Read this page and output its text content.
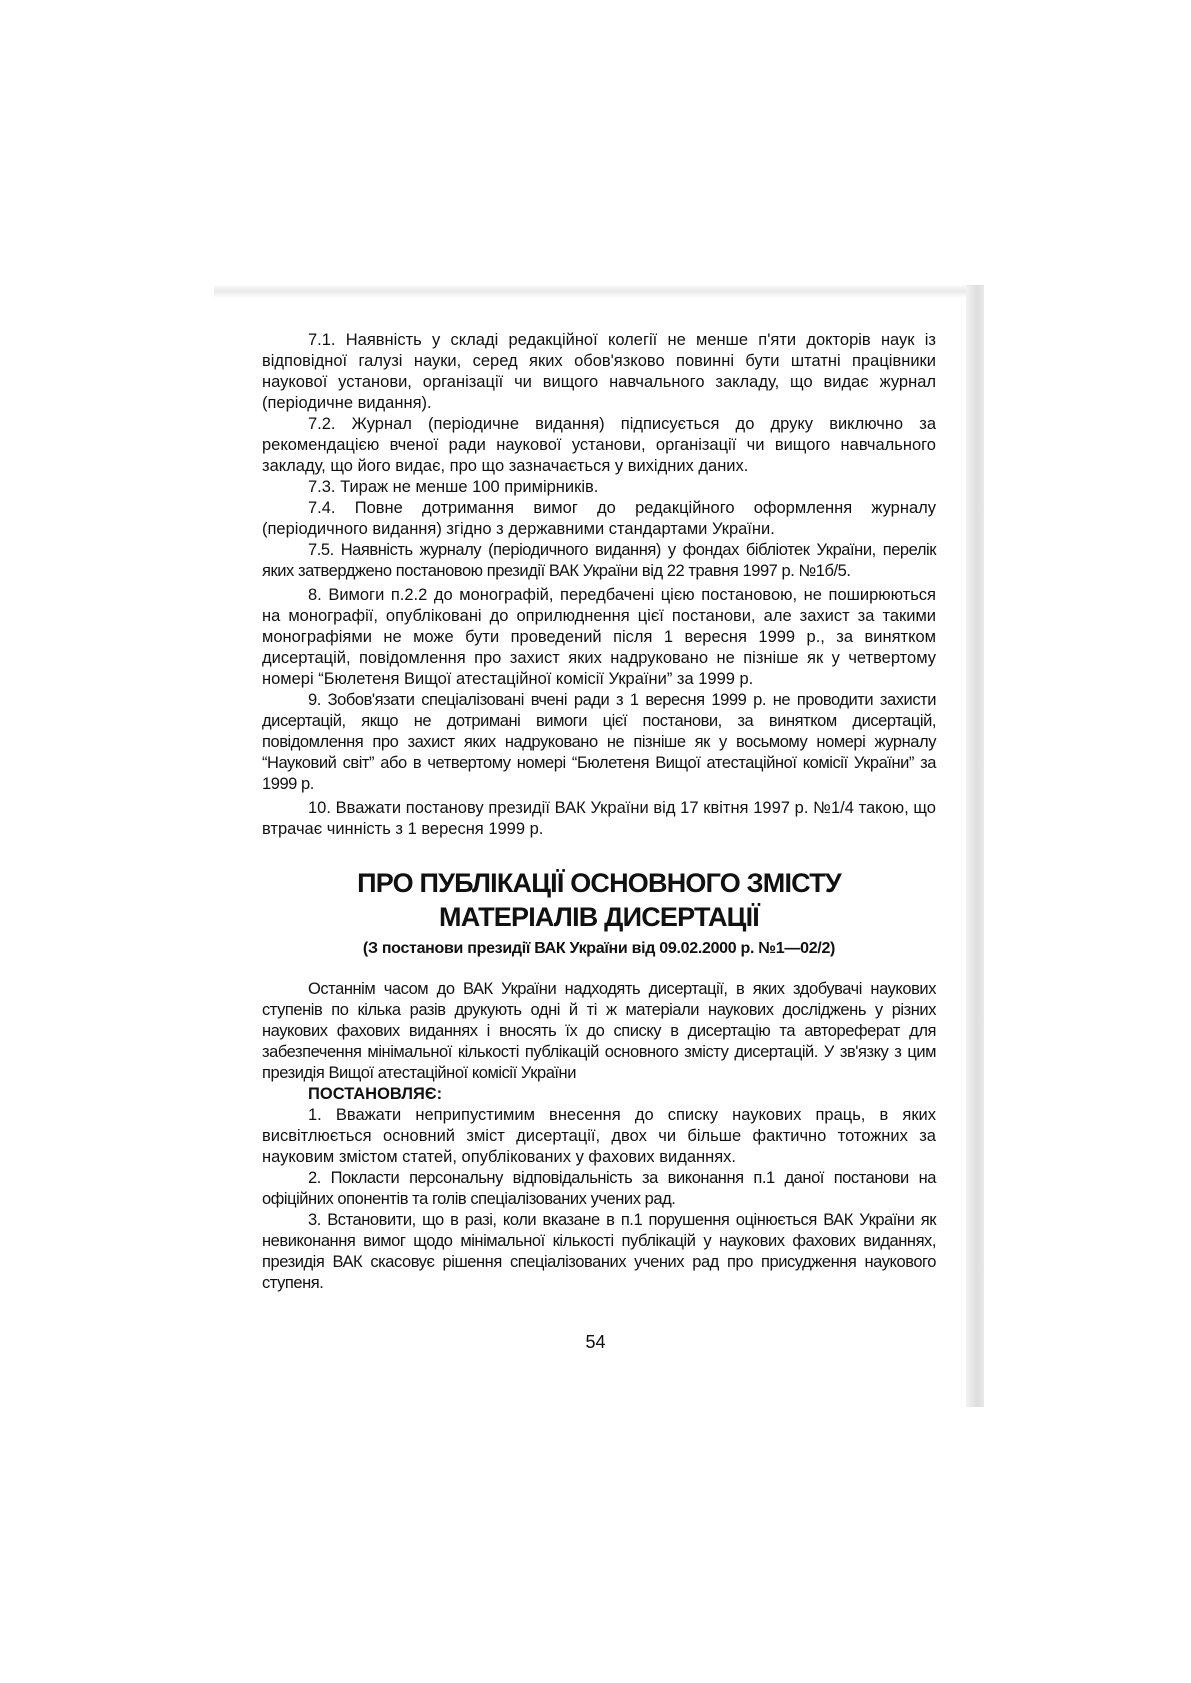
7.1. Наявність у складі редакційної колегії не менше п'яти докторів наук із відповідної галузі науки, серед яких обов'язково повинні бути штатні працівники наукової установи, організації чи вищого навчального закладу, що видає журнал (періодичне видання).

7.2. Журнал (періодичне видання) підписується до друку виключно за рекомендацією вченої ради наукової установи, організації чи вищого навчального закладу, що його видає, про що зазначається у вихідних даних.

7.3. Тираж не менше 100 примірників.

7.4. Повне дотримання вимог до редакційного оформлення журналу (періодичного видання) згідно з державними стандартами України.

7.5. Наявність журналу (періодичного видання) у фондах бібліотек України, перелік яких затверджено постановою президії ВАК України від 22 травня 1997 р. №1б/5.

8. Вимоги п.2.2 до монографій, передбачені цією постановою, не поширюються на монографії, опубліковані до оприлюднення цієї постанови, але захист за такими монографіями не може бути проведений після 1 вересня 1999 р., за винятком дисертацій, повідомлення про захист яких надруковано не пізніше як у четвертому номері “Бюлетеня Вищої атестаційної комісії України” за 1999 р.

9. Зобов'язати спеціалізовані вчені ради з 1 вересня 1999 р. не проводити захисти дисертацій, якщо не дотримані вимоги цієї постанови, за винятком дисертацій, повідомлення про захист яких надруковано не пізніше як у восьмому номері журналу “Науковий світ” або в четвертому номері “Бюлетеня Вищої атестаційної комісії України” за 1999 р.

10. Вважати постанову президії ВАК України від 17 квітня 1997 р. №1/4 такою, що втрачає чинність з 1 вересня 1999 р.

ПРО ПУБЛІКАЦІЇ ОСНОВНОГО ЗМІСТУ
МАТЕРІАЛІВ ДИСЕРТАЦІЇ
(З постанови президії ВАК України від 09.02.2000 р. №1—02/2)

Останнім часом до ВАК України надходять дисертації, в яких здобувачі наукових ступенів по кілька разів друкують одні й ті ж матеріали наукових досліджень у різних наукових фахових виданнях і вносять їх до списку в дисертацію та автореферат для забезпечення мінімальної кількості публікацій основного змісту дисертацій. У зв'язку з цим президія Вищої атестаційної комісії України

ПОСТАНОВЛЯЄ:

1. Вважати неприпустимим внесення до списку наукових праць, в яких висвітлюється основний зміст дисертації, двох чи більше фактично тотожних за науковим змістом статей, опублікованих у фахових виданнях.

2. Покласти персональну відповідальність за виконання п.1 даної постанови на офіційних опонентів та голів спеціалізованих учених рад.

3. Встановити, що в разі, коли вказане в п.1 порушення оцінюється ВАК України як невиконання вимог щодо мінімальної кількості публікацій у наукових фахових виданнях, президія ВАК скасовує рішення спеціалізованих учених рад про присудження наукового ступеня.

54
